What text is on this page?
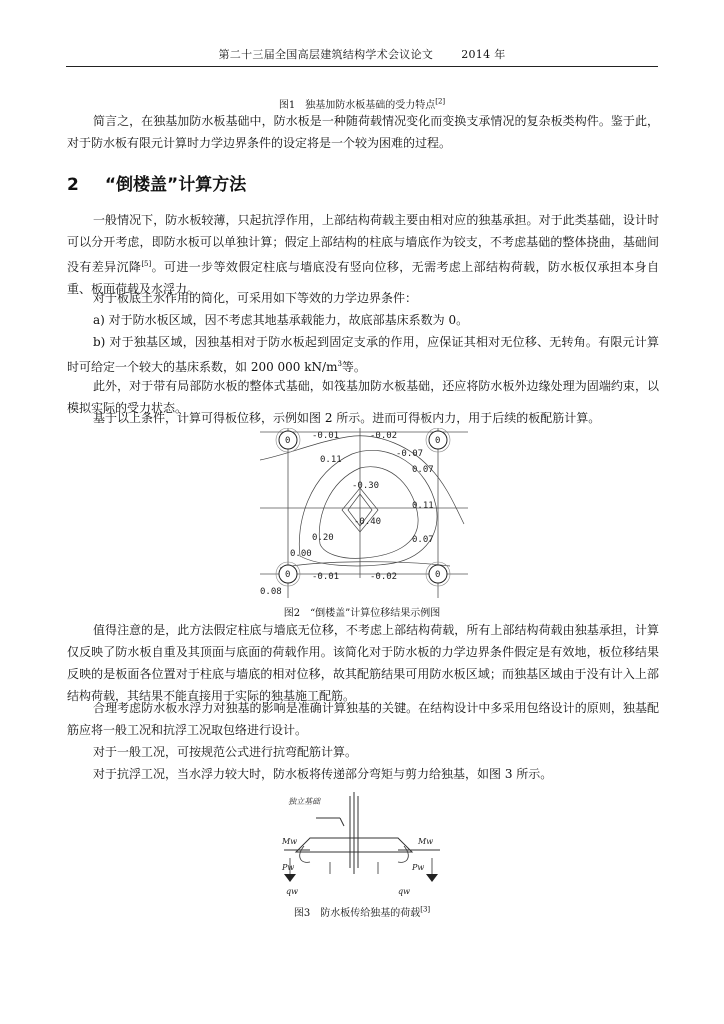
第二十三届全国高层建筑结构学术会议论文	2014 年
图1　独基加防水板基础的受力特点[2]

简言之，在独基加防水板基础中，防水板是一种随荷载情况变化而变换支承情况的复杂板类构件。鉴于此，对于防水板有限元计算时力学边界条件的设定将是一个较为困难的过程。

2 “倒楼盖”计算方法

一般情况下，防水板较薄，只起抗浮作用，上部结构荷载主要由相对应的独基承担。对于此类基础，设计时可以分开考虑，即防水板可以单独计算；假定上部结构的柱底与墙底作为铰支，不考虑基础的整体挠曲，基础间没有差异沉降[5]。可进一步等效假定柱底与墙底没有竖向位移，无需考虑上部结构荷载，防水板仅承担本身自重、板面荷载及水浮力。

对于板底土水作用的简化，可采用如下等效的力学边界条件：

a) 对于防水板区域，因不考虑其地基承载能力，故底部基床系数为 0。

b) 对于独基区域，因独基相对于防水板起到固定支承的作用，应保证其相对无位移、无转角。有限元计算时可给定一个较大的基床系数，如 200 000 $kN/m^3$等。

此外，对于带有局部防水板的整体式基础，如筏基加防水板基础，还应将防水板外边缘处理为固端约束，以模拟实际的受力状态。

基于以上条件，计算可得板位移，示例如图 2 所示。进而可得板内力，用于后续的板配筋计算。

0	0
0	0
-0.01	-0.02
-0.07
0.07
0.11
0.07
0.11
0.00
-0.30
-0.40
0.20
-0.01	-0.02
0.08
图2　“倒楼盖”计算位移结果示例图

值得注意的是，此方法假定柱底与墙底无位移，不考虑上部结构荷载，所有上部结构荷载由独基承担，计算仅反映了防水板自重及其顶面与底面的荷载作用。该简化对于防水板的力学边界条件假定是有效地，板位移结果反映的是板面各位置对于柱底与墙底的相对位移，故其配筋结果可用防水板区域；而独基区域由于没有计入上部结构荷载，其结果不能直接用于实际的独基施工配筋。

合理考虑防水板水浮力对独基的影响是准确计算独基的关键。在结构设计中多采用包络设计的原则，独基配筋应将一般工况和抗浮工况取包络进行设计。

对于一般工况，可按规范公式进行抗弯配筋计算。

对于抗浮工况，当水浮力较大时，防水板将传递部分弯矩与剪力给独基，如图 3 所示。

独立基础
Mw	Mw
Pw	Pw
qw	qw
图3　防水板传给独基的荷载[3]
